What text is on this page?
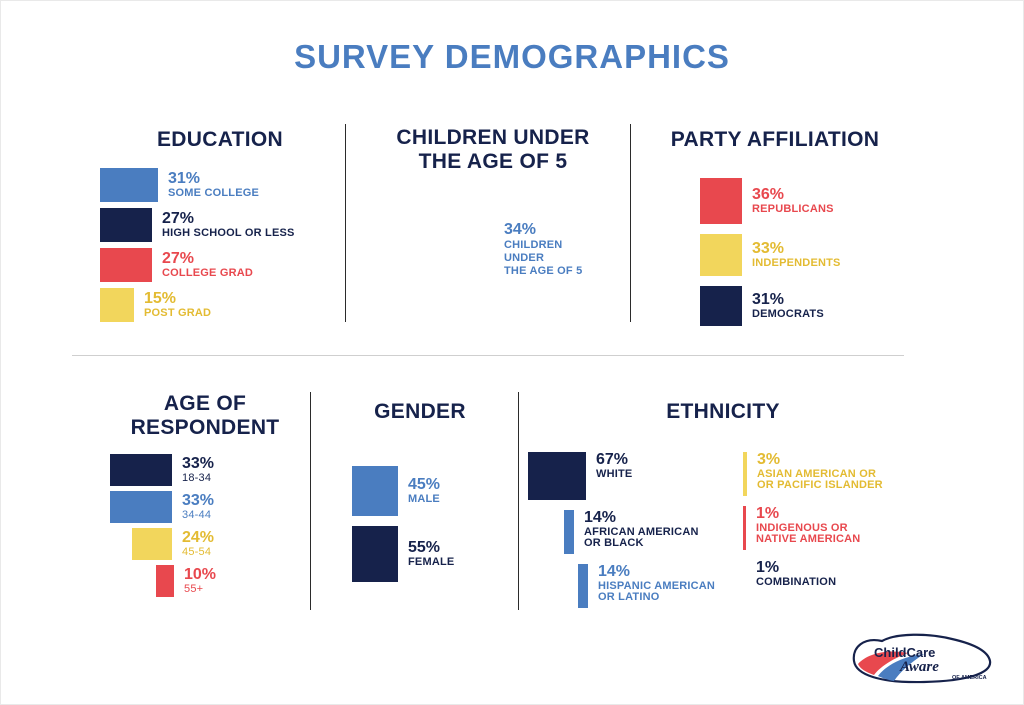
SURVEY DEMOGRAPHICS
EDUCATION
31%
SOME COLLEGE
27%
HIGH SCHOOL OR LESS
27%
COLLEGE GRAD
15%
POST GRAD
CHILDREN UNDER
THE AGE OF 5
34%
CHILDREN
UNDER
THE AGE OF 5
PARTY AFFILIATION
36%
REPUBLICANS
33%
INDEPENDENTS
31%
DEMOCRATS
AGE OF
RESPONDENT
33%
18-34
33%
34-44
24%
45-54
10%
55+
GENDER
45%
MALE
55%
FEMALE
ETHNICITY
67%
WHITE
14%
AFRICAN AMERICAN
OR BLACK
14%
HISPANIC AMERICAN
OR LATINO
3%
ASIAN AMERICAN OR
OR PACIFIC ISLANDER
1%
INDIGENOUS OR
NATIVE AMERICAN
1%
COMBINATION
ChildCare
Aware
OF AMERICA
